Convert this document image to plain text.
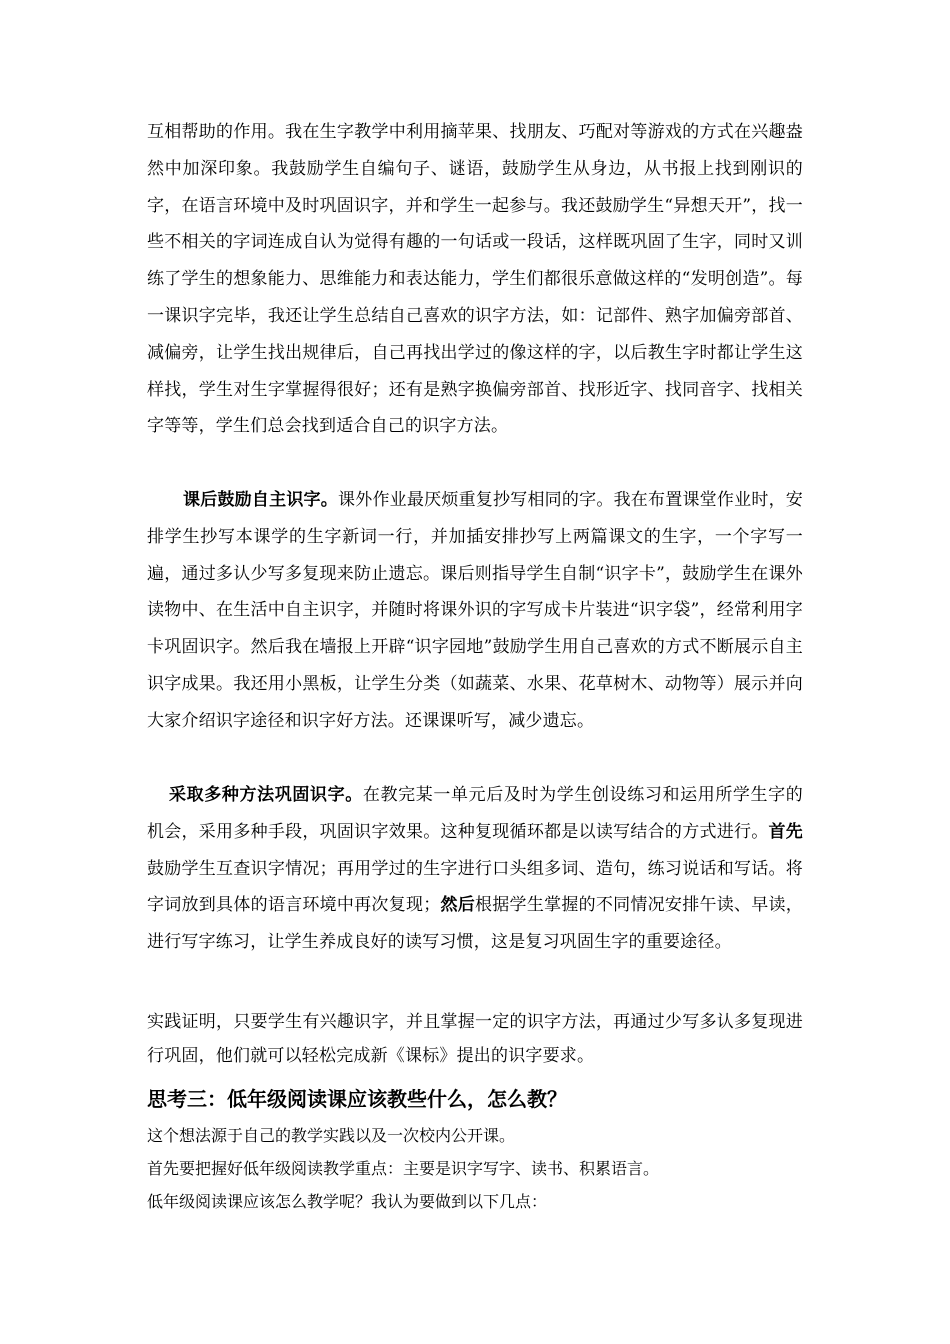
互相帮助的作用。我在生字教学中利用摘苹果、找朋友、巧配对等游戏的方式在兴趣盎然中加深印象。我鼓励学生自编句子、谜语，鼓励学生从身边，从书报上找到刚识的字，在语言环境中及时巩固识字，并和学生一起参与。我还鼓励学生“异想天开”，找一些不相关的字词连成自认为觉得有趣的一句话或一段话，这样既巩固了生字，同时又训练了学生的想象能力、思维能力和表达能力，学生们都很乐意做这样的“发明创造”。每一课识字完毕，我还让学生总结自己喜欢的识字方法，如：记部件、熟字加偏旁部首、减偏旁，让学生找出规律后，自己再找出学过的像这样的字，以后教生字时都让学生这样找，学生对生字掌握得很好；还有是熟字换偏旁部首、找形近字、找同音字、找相关字等等，学生们总会找到适合自己的识字方法。

课后鼓励自主识字。课外作业最厌烦重复抄写相同的字。我在布置课堂作业时，安排学生抄写本课学的生字新词一行，并加插安排抄写上两篇课文的生字，一个字写一遍，通过多认少写多复现来防止遗忘。课后则指导学生自制“识字卡”，鼓励学生在课外读物中、在生活中自主识字，并随时将课外识的字写成卡片装进“识字袋”，经常利用字卡巩固识字。然后我在墙报上开辟“识字园地”鼓励学生用自己喜欢的方式不断展示自主识字成果。我还用小黑板，让学生分类（如蔬菜、水果、花草树木、动物等）展示并向大家介绍识字途径和识字好方法。还课课听写，减少遗忘。

采取多种方法巩固识字。在教完某一单元后及时为学生创设练习和运用所学生字的机会，采用多种手段，巩固识字效果。这种复现循环都是以读写结合的方式进行。首先鼓励学生互查识字情况；再用学过的生字进行口头组多词、造句，练习说话和写话。将字词放到具体的语言环境中再次复现；然后根据学生掌握的不同情况安排午读、早读，进行写字练习，让学生养成良好的读写习惯，这是复习巩固生字的重要途径。

实践证明，只要学生有兴趣识字，并且掌握一定的识字方法，再通过少写多认多复现进行巩固，他们就可以轻松完成新《课标》提出的识字要求。

思考三：低年级阅读课应该教些什么，怎么教？

这个想法源于自己的教学实践以及一次校内公开课。

首先要把握好低年级阅读教学重点：主要是识字写字、读书、积累语言。

低年级阅读课应该怎么教学呢？我认为要做到以下几点：
